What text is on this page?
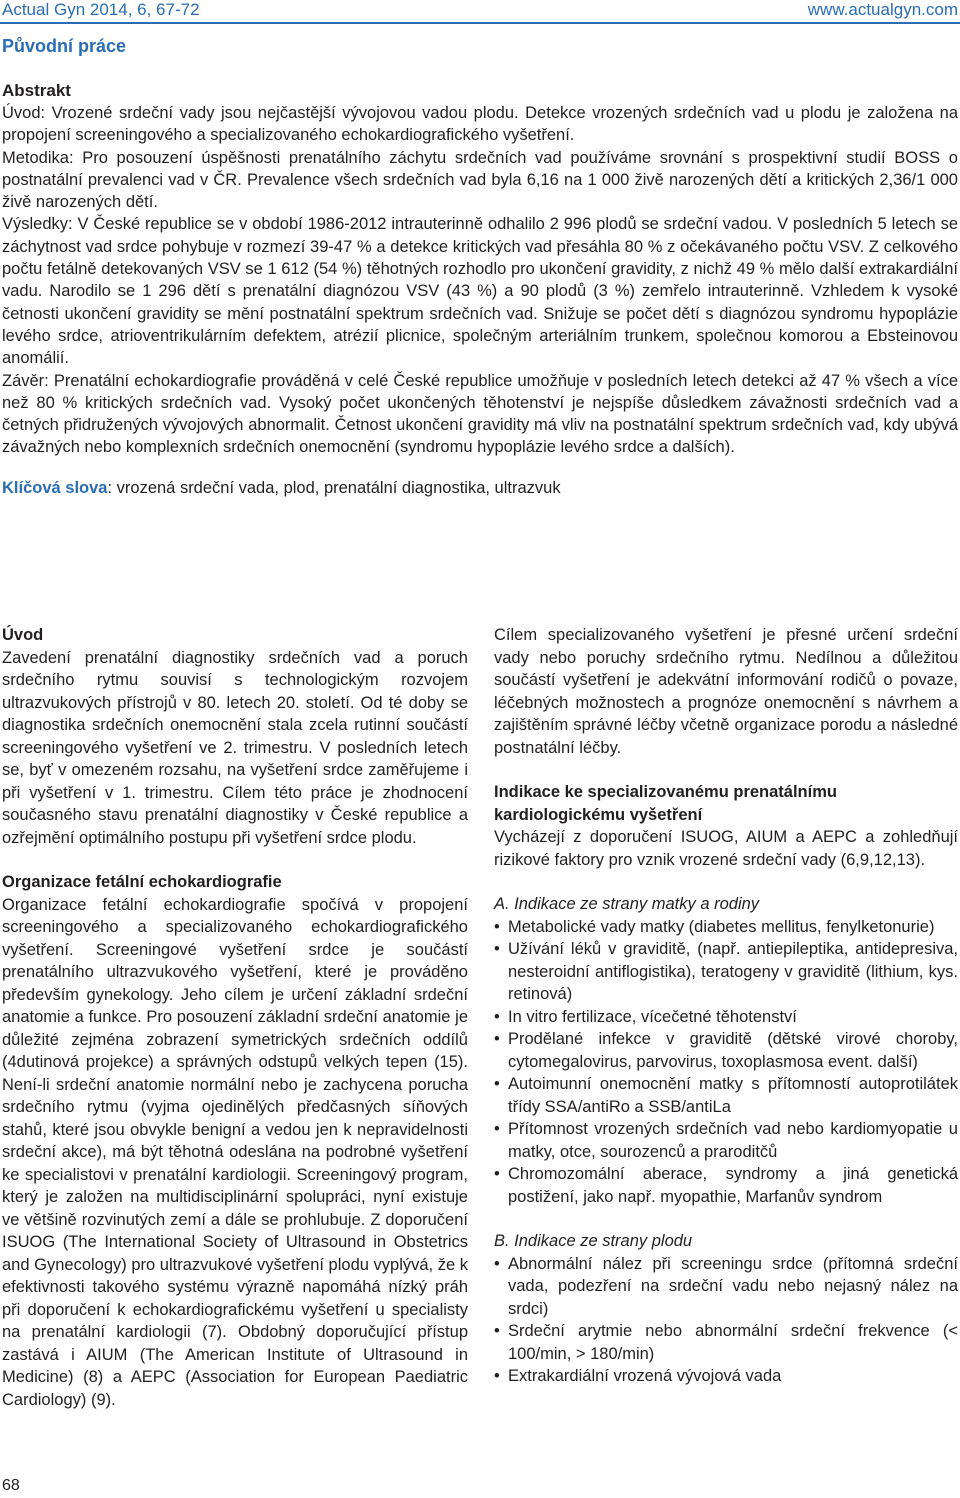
Actual Gyn 2014, 6, 67-72	www.actualgyn.com
Původní práce
Abstrakt

Úvod: Vrozené srdeční vady jsou nejčastější vývojovou vadou plodu. Detekce vrozených srdečních vad u plodu je založena na propojení screeningového a specializovaného echokardiografického vyšetření.

Metodika: Pro posouzení úspěšnosti prenatálního záchytu srdečních vad používáme srovnání s prospektivní studií BOSS o postnatální prevalenci vad v ČR. Prevalence všech srdečních vad byla 6,16 na 1 000 živě narozených dětí a kritických 2,36/1 000 živě narozených dětí.

Výsledky: V České republice se v období 1986-2012 intrauterinně odhalilo 2 996 plodů se srdeční vadou. V posledních 5 letech se záchytnost vad srdce pohybuje v rozmezí 39-47 % a detekce kritických vad přesáhla 80 % z očekávaného počtu VSV. Z celkového počtu fetálně detekovaných VSV se 1 612 (54 %) těhotných rozhodlo pro ukončení gravidity, z nichž 49 % mělo další extrakardiální vadu. Narodilo se 1 296 dětí s prenatální diagnózou VSV (43 %) a 90 plodů (3 %) zemřelo intrauterinně. Vzhledem k vysoké četnosti ukončení gravidity se mění postnatální spektrum srdečních vad. Snižuje se počet dětí s diagnózou syndromu hypoplázie levého srdce, atrioventrikulárním defektem, atrézií plicnice, společným arteriálním trunkem, společnou komorou a Ebsteinovou anomálií.

Závěr: Prenatální echokardiografie prováděná v celé České republice umožňuje v posledních letech detekci až 47 % všech a více než 80 % kritických srdečních vad. Vysoký počet ukončených těhotenství je nejspíše důsledkem závažnosti srdečních vad a četných přidružených vývojových abnormalit. Četnost ukončení gravidity má vliv na postnatální spektrum srdečních vad, kdy ubývá závažných nebo komplexních srdečních onemocnění (syndromu hypoplázie levého srdce a dalších).

Klíčová slova: vrozená srdeční vada, plod, prenatální diagnostika, ultrazvuk

Úvod

Zavedení prenatální diagnostiky srdečních vad a poruch srdečního rytmu souvisí s technologickým rozvojem ultrazvukových přístrojů v 80. letech 20. století. Od té doby se diagnostika srdečních onemocnění stala zcela rutinní součástí screeningového vyšetření ve 2. trimestru. V posledních letech se, byť v omezeném rozsahu, na vyšetření srdce zaměřujeme i při vyšetření v 1. trimestru. Cílem této práce je zhodnocení současného stavu prenatální diagnostiky v České republice a ozřejmění optimálního postupu při vyšetření srdce plodu.

Organizace fetální echokardiografie

Organizace fetální echokardiografie spočívá v propojení screeningového a specializovaného echokardiografického vyšetření. Screeningové vyšetření srdce je součástí prenatálního ultrazvukového vyšetření, které je prováděno především gynekology. Jeho cílem je určení základní srdeční anatomie a funkce. Pro posouzení základní srdeční anatomie je důležité zejména zobrazení symetrických srdečních oddílů (4dutinová projekce) a správných odstupů velkých tepen (15). Není-li srdeční anatomie normální nebo je zachycena porucha srdečního rytmu (vyjma ojedinělých předčasných síňových stahů, které jsou obvykle benigní a vedou jen k nepravidelnosti srdeční akce), má být těhotná odeslána na podrobné vyšetření ke specialistovi v prenatální kardiologii. Screeningový program, který je založen na multidisciplinární spolupráci, nyní existuje ve většině rozvinutých zemí a dále se prohlubuje. Z doporučení ISUOG (The International Society of Ultrasound in Obstetrics and Gynecology) pro ultrazvukové vyšetření plodu vyplývá, že k efektivnosti takového systému výrazně napomáhá nízký práh při doporučení k echokardiografickému vyšetření u specialisty na prenatální kardiologii (7). Obdobný doporučující přístup zastává i AIUM (The American Institute of Ultrasound in Medicine) (8) a AEPC (Association for European Paediatric Cardiology) (9).

Cílem specializovaného vyšetření je přesné určení srdeční vady nebo poruchy srdečního rytmu. Nedílnou a důležitou součástí vyšetření je adekvátní informování rodičů o povaze, léčebných možnostech a prognóze onemocnění s návrhem a zajištěním správné léčby včetně organizace porodu a následné postnatální léčby.

Indikace ke specializovanému prenatálnímu kardiologickému vyšetření

Vycházejí z doporučení ISUOG, AIUM a AEPC a zohledňují rizikové faktory pro vznik vrozené srdeční vady (6,9,12,13).

A. Indikace ze strany matky a rodiny
• Metabolické vady matky (diabetes mellitus, fenylketonurie)
• Užívání léků v graviditě, (např. antiepileptika, antidepresiva, nesteroidní antiflogistika), teratogeny v graviditě (lithium, kys. retinová)
• In vitro fertilizace, vícečetné těhotenství
• Prodělané infekce v graviditě (dětské virové choroby, cytomegalovirus, parvovirus, toxoplasmosa event. další)
• Autoimunní onemocnění matky s přítomností autoprotilátek třídy SSA/antiRo a SSB/antiLa
• Přítomnost vrozených srdečních vad nebo kardiomyopatie u matky, otce, sourozenců a praroditčů
• Chromozomální aberace, syndromy a jiná genetická postižení, jako např. myopathie, Marfanův syndrom
B. Indikace ze strany plodu
• Abnormální nález při screeningu srdce (přítomná srdeční vada, podezření na srdeční vadu nebo nejasný nález na srdci)
• Srdeční arytmie nebo abnormální srdeční frekvence (< 100/min, > 180/min)
• Extrakardiální vrozená vývojová vada
68
